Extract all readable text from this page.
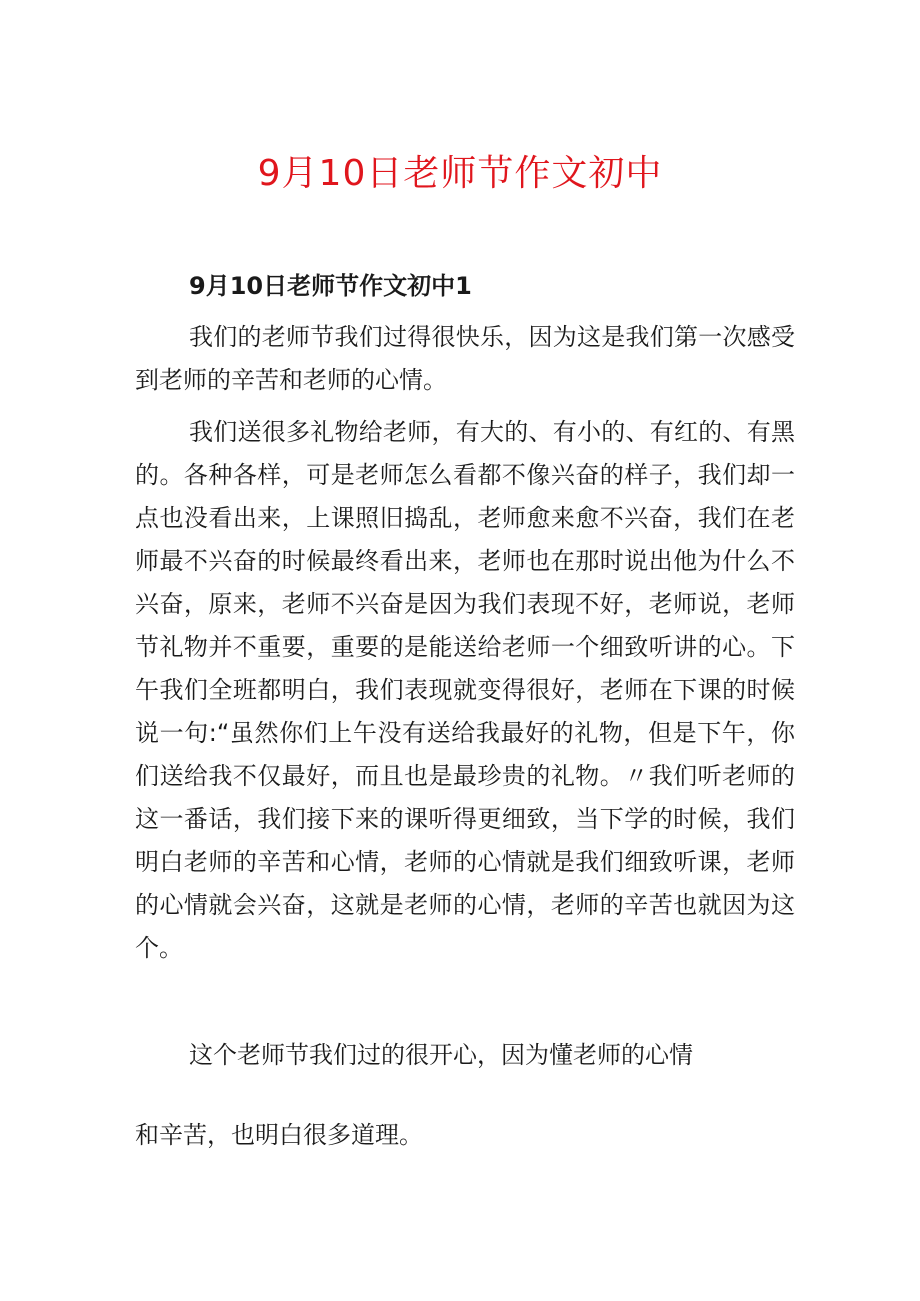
9月10日老师节作文初中

9月10日老师节作文初中1

我们的老师节我们过得很快乐，因为这是我们第一次感受到老师的辛苦和老师的心情。

我们送很多礼物给老师，有大的、有小的、有红的、有黑的。各种各样，可是老师怎么看都不像兴奋的样子，我们却一点也没看出来，上课照旧捣乱，老师愈来愈不兴奋，我们在老师最不兴奋的时候最终看出来，老师也在那时说出他为什么不兴奋，原来，老师不兴奋是因为我们表现不好，老师说，老师节礼物并不重要，重要的是能送给老师一个细致听讲的心。下午我们全班都明白，我们表现就变得很好，老师在下课的时候说一句:“虽然你们上午没有送给我最好的礼物，但是下午，你们送给我不仅最好，而且也是最珍贵的礼物。〃我们听老师的这一番话，我们接下来的课听得更细致，当下学的时候，我们明白老师的辛苦和心情，老师的心情就是我们细致听课，老师的心情就会兴奋，这就是老师的心情，老师的辛苦也就因为这个。

这个老师节我们过的很开心，因为懂老师的心情

和辛苦，也明白很多道理。
